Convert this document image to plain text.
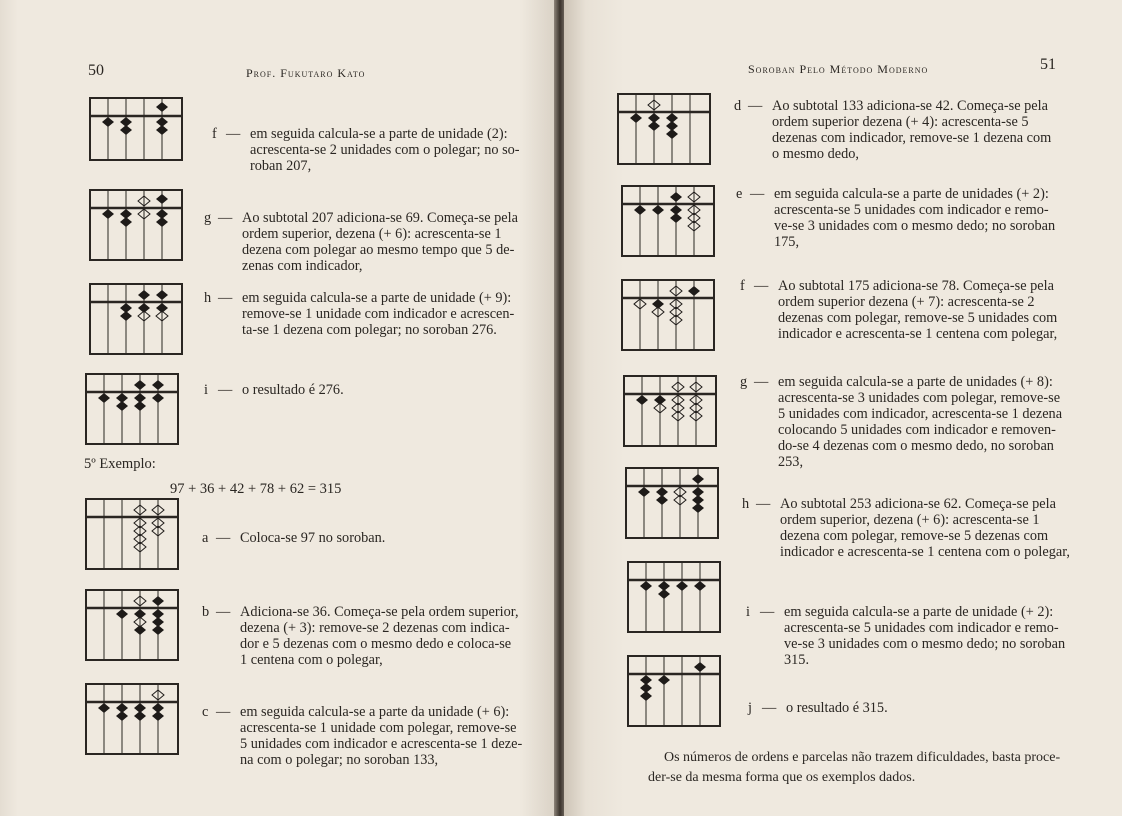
50	Prof. Fukutaro Kato
f — em seguida calcula-se a parte de unidade (2):
acrescenta-se 2 unidades com o polegar; no so-
roban 207,
g — Ao subtotal 207 adiciona-se 69. Começa-se pela
ordem superior, dezena (+ 6): acrescenta-se 1
dezena com polegar ao mesmo tempo que 5 de-
zenas com indicador,
h — em seguida calcula-se a parte de unidade (+ 9):
remove-se 1 unidade com indicador e acrescen-
ta-se 1 dezena com polegar; no soroban 276.
i — o resultado é 276.
5º Exemplo:
97 + 36 + 42 + 78 + 62 = 315
a — Coloca-se 97 no soroban.
b — Adiciona-se 36. Começa-se pela ordem superior,
dezena (+ 3): remove-se 2 dezenas com indica-
dor e 5 dezenas com o mesmo dedo e coloca-se
1 centena com o polegar,
c — em seguida calcula-se a parte da unidade (+ 6):
acrescenta-se 1 unidade com polegar, remove-se
5 unidades com indicador e acrescenta-se 1 deze-
na com o polegar; no soroban 133,
Soroban Pelo Método Moderno	51
d — Ao subtotal 133 adiciona-se 42. Começa-se pela
ordem superior dezena (+ 4): acrescenta-se 5
dezenas com indicador, remove-se 1 dezena com
o mesmo dedo,
e — em seguida calcula-se a parte de unidades (+ 2):
acrescenta-se 5 unidades com indicador e remo-
ve-se 3 unidades com o mesmo dedo; no soroban
175,
f — Ao subtotal 175 adiciona-se 78. Começa-se pela
ordem superior dezena (+ 7): acrescenta-se 2
dezenas com polegar, remove-se 5 unidades com
indicador e acrescenta-se 1 centena com polegar,
g — em seguida calcula-se a parte de unidades (+ 8):
acrescenta-se 3 unidades com polegar, remove-se
5 unidades com indicador, acrescenta-se 1 dezena
colocando 5 unidades com indicador e removen-
do-se 4 dezenas com o mesmo dedo, no soroban
253,
h — Ao subtotal 253 adiciona-se 62. Começa-se pela
ordem superior, dezena (+ 6): acrescenta-se 1
dezena com polegar, remove-se 5 dezenas com
indicador e acrescenta-se 1 centena com o polegar,
i — em seguida calcula-se a parte de unidade (+ 2):
acrescenta-se 5 unidades com indicador e remo-
ve-se 3 unidades com o mesmo dedo; no soroban
315.
j — o resultado é 315.
Os números de ordens e parcelas não trazem dificuldades, basta proce-
der-se da mesma forma que os exemplos dados.
